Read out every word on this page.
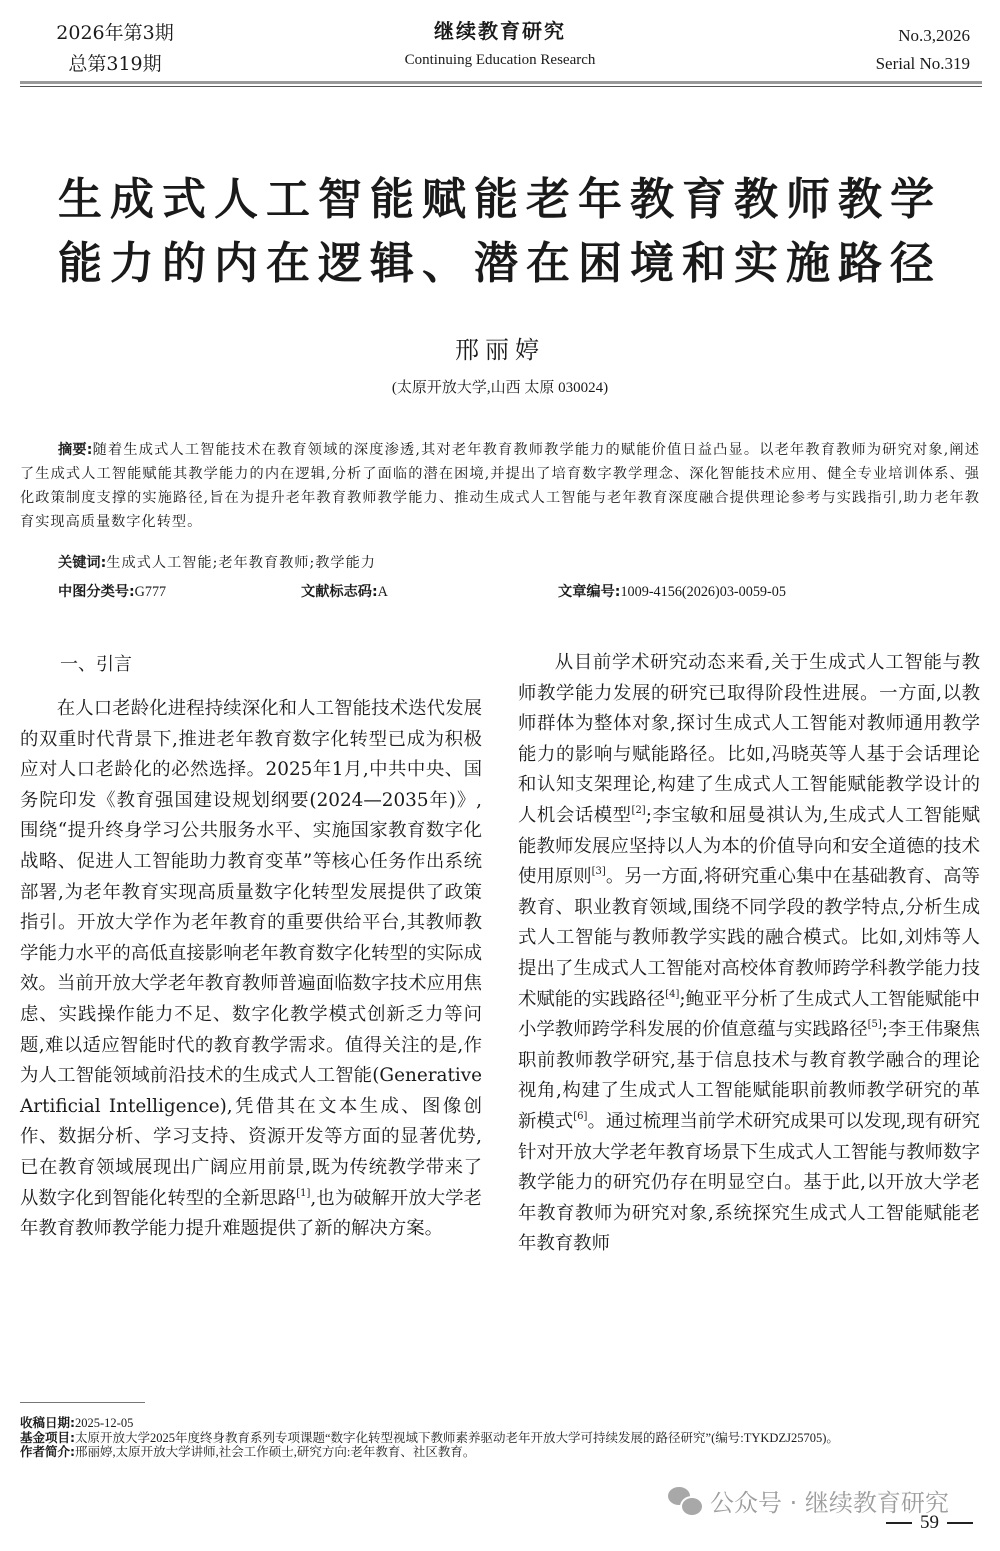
2026年第3期
总第319期
继续教育研究
Continuing Education Research
No.3,2026
Serial No.319
生成式人工智能赋能老年教育教师教学
能力的内在逻辑、潜在困境和实施路径
邢丽婷
(太原开放大学,山西 太原 030024)
摘要:随着生成式人工智能技术在教育领域的深度渗透,其对老年教育教师教学能力的赋能价值日益凸显。以老年教育教师为研究对象,阐述了生成式人工智能赋能其教学能力的内在逻辑,分析了面临的潜在困境,并提出了培育数字教学理念、深化智能技术应用、健全专业培训体系、强化政策制度支撑的实施路径,旨在为提升老年教育教师教学能力、推动生成式人工智能与老年教育深度融合提供理论参考与实践指引,助力老年教育实现高质量数字化转型。
关键词:生成式人工智能;老年教育教师;教学能力
中图分类号:G777	文献标志码:A	文章编号:1009-4156(2026)03-0059-05
一、引言

在人口老龄化进程持续深化和人工智能技术迭代发展的双重时代背景下,推进老年教育数字化转型已成为积极应对人口老龄化的必然选择。2025年1月,中共中央、国务院印发《教育强国建设规划纲要(2024—2035年)》,围绕“提升终身学习公共服务水平、实施国家教育数字化战略、促进人工智能助力教育变革”等核心任务作出系统部署,为老年教育实现高质量数字化转型发展提供了政策指引。开放大学作为老年教育的重要供给平台,其教师教学能力水平的高低直接影响老年教育数字化转型的实际成效。当前开放大学老年教育教师普遍面临数字技术应用焦虑、实践操作能力不足、数字化教学模式创新乏力等问题,难以适应智能时代的教育教学需求。值得关注的是,作为人工智能领域前沿技术的生成式人工智能(Generative Artificial Intelligence),凭借其在文本生成、图像创作、数据分析、学习支持、资源开发等方面的显著优势,已在教育领域展现出广阔应用前景,既为传统教学带来了从数字化到智能化转型的全新思路[1],也为破解开放大学老年教育教师教学能力提升难题提供了新的解决方案。

从目前学术研究动态来看,关于生成式人工智能与教师教学能力发展的研究已取得阶段性进展。一方面,以教师群体为整体对象,探讨生成式人工智能对教师通用教学能力的影响与赋能路径。比如,冯晓英等人基于会话理论和认知支架理论,构建了生成式人工智能赋能教学设计的人机会话模型[2];李宝敏和屈曼祺认为,生成式人工智能赋能教师发展应坚持以人为本的价值导向和安全道德的技术使用原则[3]。另一方面,将研究重心集中在基础教育、高等教育、职业教育领域,围绕不同学段的教学特点,分析生成式人工智能与教师教学实践的融合模式。比如,刘炜等人提出了生成式人工智能对高校体育教师跨学科教学能力技术赋能的实践路径[4];鲍亚平分析了生成式人工智能赋能中小学教师跨学科发展的价值意蕴与实践路径[5];李王伟聚焦职前教师教学研究,基于信息技术与教育教学融合的理论视角,构建了生成式人工智能赋能职前教师教学研究的革新模式[6]。通过梳理当前学术研究成果可以发现,现有研究针对开放大学老年教育场景下生成式人工智能与教师数字教学能力的研究仍存在明显空白。基于此,以开放大学老年教育教师为研究对象,系统探究生成式人工智能赋能老年教育教师

收稿日期: 2025-12-05
基金项目: 太原开放大学2025年度终身教育系列专项课题“数字化转型视域下教师素养驱动老年开放大学可持续发展的路径研究”(编号:TYKDZJ25705)。
作者简介: 邢丽婷,太原开放大学讲师,社会工作硕士,研究方向:老年教育、社区教育。
公众号 · 继续教育研究
59
